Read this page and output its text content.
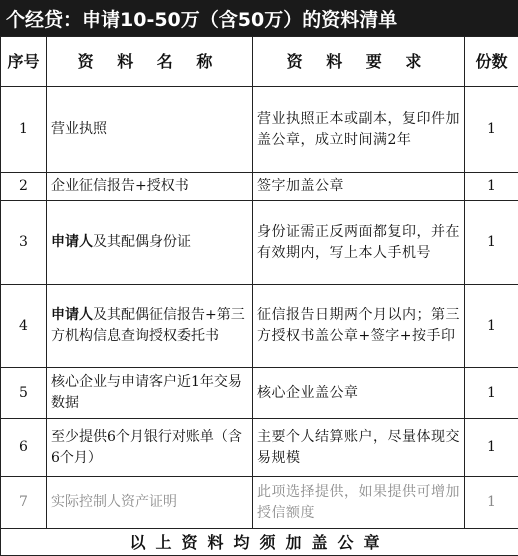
个经贷：申请10-50万（含50万）的资料清单
序号	资 料 名 称	资 料 要 求	份数
1	营业执照	营业执照正本或副本，复印件加盖公章，成立时间满2年	1
2	企业征信报告+授权书	签字加盖公章	1
3	申请人及其配偶身份证	身份证需正反两面都复印，并在有效期内，写上本人手机号	1
4	申请人及其配偶征信报告+第三方机构信息查询授权委托书	征信报告日期两个月以内；第三方授权书盖公章+签字+按手印	1
5	核心企业与申请客户近1年交易数据	核心企业盖公章	1
6	至少提供6个月银行对账单（含6个月）	主要个人结算账户，尽量体现交易规模	1
7	实际控制人资产证明	此项选择提供，如果提供可增加授信额度	1
以上资料均须加盖公章			
